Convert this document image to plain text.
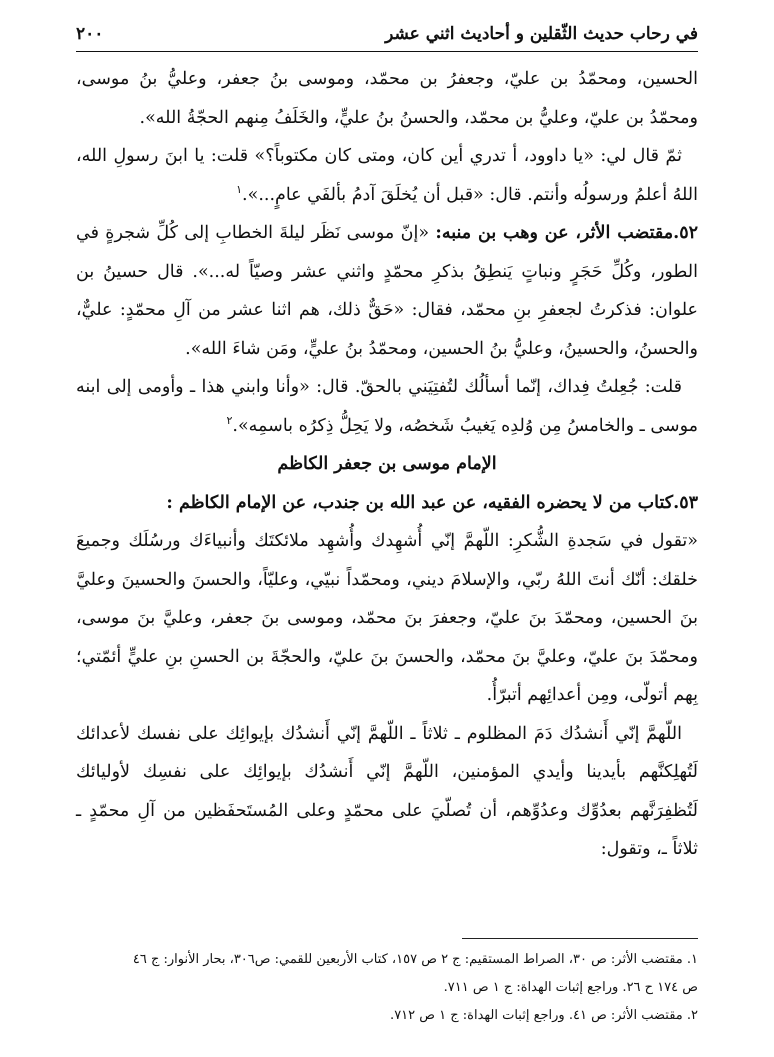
في رحاب حديث الثّقلين و أحاديث اثني عشر
٢٠٠

الحسين، ومحمّدُ بن عليّ، وجعفرُ بن محمّد، وموسى بنُ جعفر، وعليُّ بنُ موسى، ومحمّدُ بن عليّ، وعليُّ بن محمّد، والحسنُ بنُ عليٍّ، والخَلَفُ مِنهم الحجّةُ الله».

ثمّ قال لي: «يا داوود، أ تدري أين كان، ومتى كان مكتوباً؟» قلت: يا ابنَ رسولِ الله، اللهُ أعلمُ ورسولُه وأنتم. قال: «قبل أن يُخلَقَ آدمُ بألفَي عامٍ...».$^١$

٥٢.مقتضب الأثر، عن وهب بن منبه: «إنّ موسى نَظَر ليلةَ الخطابِ إلى كُلِّ شجرةٍ في الطور، وكُلِّ حَجَرٍ ونباتٍ يَنطِقُ بذكرِ محمّدٍ واثني عشر وصيّاً له...». قال حسينُ بن علوان: فذكرتُ لجعفرِ بنِ محمّد، فقال: «حَقٌّ ذلك، هم اثنا عشر من آلِ محمّدٍ: عليٌّ، والحسنُ، والحسينُ، وعليُّ بنُ الحسين، ومحمّدُ بنُ عليٍّ، ومَن شاءَ الله».

قلت: جُعِلتُ فِداك، إنّما أسألُك لتُفتِيَني بالحقّ. قال: «وأنا وابني هذا ـ وأومى إلى ابنه موسى ـ والخامسُ مِن وُلدِه يَغيبُ شَخصُه، ولا يَحِلُّ ذِكرُه باسمِه».$^٢$

الإمام موسى بن جعفر الكاظم

٥٣.كتاب من لا يحضره الفقيه، عن عبد الله بن جندب، عن الإمام الكاظم :

«تقول في سَجدةِ الشُّكرِ: اللّهمَّ إنّي أُشهِدك وأُشهِد ملائكتَك وأنبياءَك ورسُلَك وجميعَ خلقك: أنّك أنتَ اللهُ ربّي، والإسلامَ ديني، ومحمّداً نبيّي، وعليّاً، والحسنَ والحسينَ وعليَّ بنَ الحسين، ومحمّدَ بنَ عليّ، وجعفرَ بنَ محمّد، وموسى بنَ جعفر، وعليَّ بنَ موسى، ومحمّدَ بنَ عليّ، وعليَّ بنَ محمّد، والحسنَ بنَ عليّ، والحجّةَ بن الحسنِ بنِ عليٍّ أئمّتي؛ بِهم أتولّى، ومِن أعدائِهم أتبرّأُ.

اللّهمَّ إنّي أَنشدُك دَمَ المظلوم ـ ثلاثاً ـ اللّهمَّ إنّي أَنشدُك بإيوائِك على نفسك لأعدائك لَتُهلِكنَّهم بأيدينا وأيدي المؤمنين، اللّهمَّ إنّي أَنشدُك بإيوائِك على نفسِك لأوليائك لَتُظفِرَنَّهم بعدُوِّك وعدُوِّهم، أن تُصلّيَ على محمّدٍ وعلى المُستَحفَظين من آلِ محمّدٍ ـ ثلاثاً ـ، وتقول:

١. مقتضب الأثر: ص ٣٠، الصراط المستقيم: ج ٢ ص ١٥٧، كتاب الأربعين للقمي: ص٣٠٦، بحار الأنوار: ج ٤٦

ص ١٧٤ ح ٢٦. وراجع إثبات الهداة: ج ١ ص ٧١١.

٢. مقتضب الأثر: ص ٤١. وراجع إثبات الهداة: ج ١ ص ٧١٢.
